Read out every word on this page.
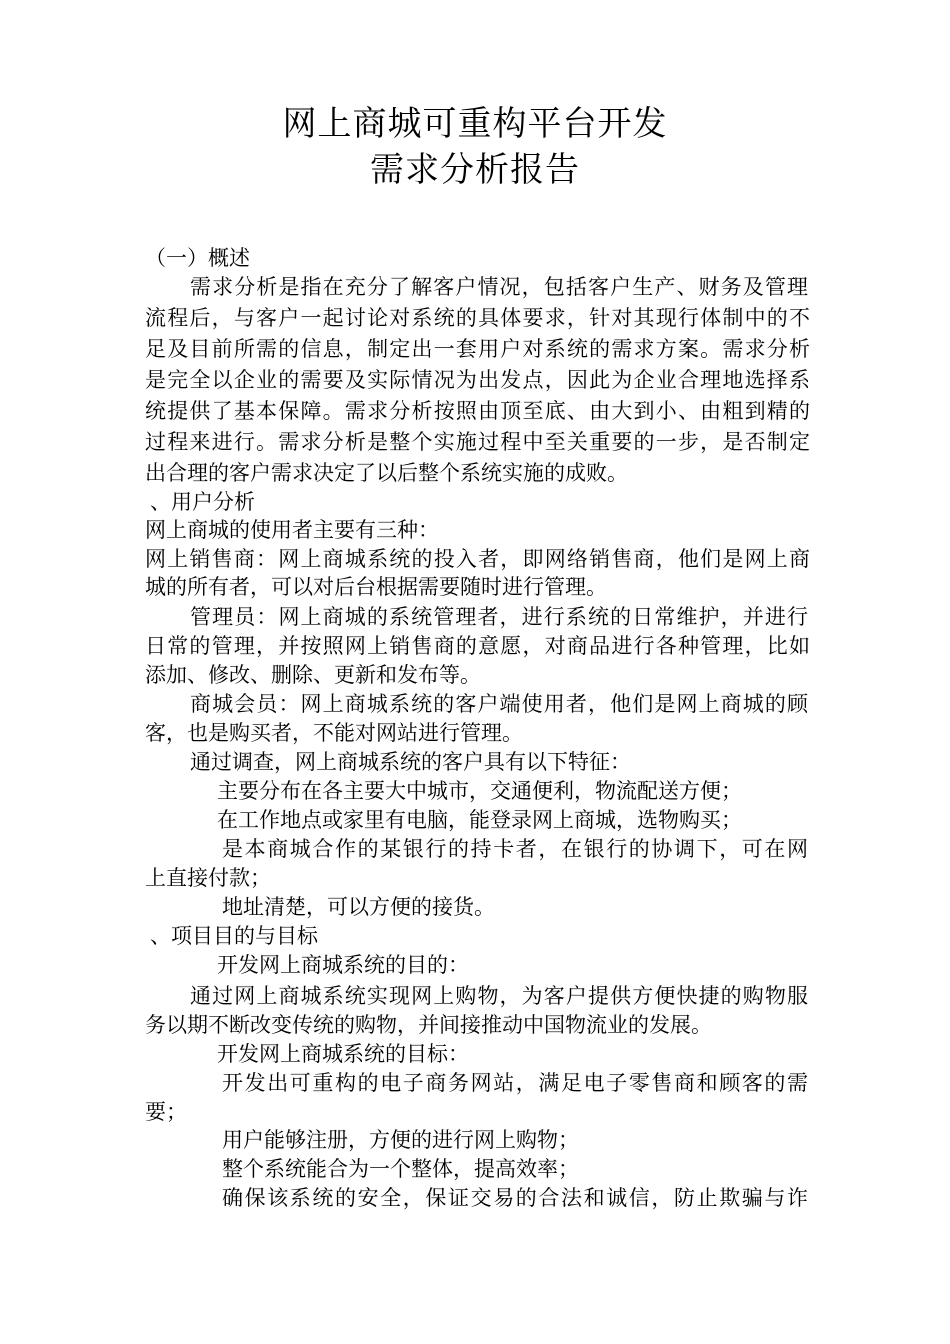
网上商城可重构平台开发
需求分析报告
（一）概述
需求分析是指在充分了解客户情况，包括客户生产、财务及管理
流程后，与客户一起讨论对系统的具体要求，针对其现行体制中的不
足及目前所需的信息，制定出一套用户对系统的需求方案。需求分析
是完全以企业的需要及实际情况为出发点，因此为企业合理地选择系
统提供了基本保障。需求分析按照由顶至底、由大到小、由粗到精的
过程来进行。需求分析是整个实施过程中至关重要的一步，是否制定
出合理的客户需求决定了以后整个系统实施的成败。
、用户分析
网上商城的使用者主要有三种：
网上销售商：网上商城系统的投入者，即网络销售商，他们是网上商
城的所有者，可以对后台根据需要随时进行管理。
管理员：网上商城的系统管理者，进行系统的日常维护，并进行
日常的管理，并按照网上销售商的意愿，对商品进行各种管理，比如
添加、修改、删除、更新和发布等。
商城会员：网上商城系统的客户端使用者，他们是网上商城的顾
客，也是购买者，不能对网站进行管理。
通过调查，网上商城系统的客户具有以下特征：
主要分布在各主要大中城市，交通便利，物流配送方便；
在工作地点或家里有电脑，能登录网上商城，选物购买；
是本商城合作的某银行的持卡者，在银行的协调下，可在网
上直接付款；
地址清楚，可以方便的接货。
、项目目的与目标
开发网上商城系统的目的：
通过网上商城系统实现网上购物，为客户提供方便快捷的购物服
务以期不断改变传统的购物，并间接推动中国物流业的发展。
开发网上商城系统的目标：
开发出可重构的电子商务网站，满足电子零售商和顾客的需
要；
用户能够注册，方便的进行网上购物；
整个系统能合为一个整体，提高效率；
确保该系统的安全，保证交易的合法和诚信，防止欺骗与诈
